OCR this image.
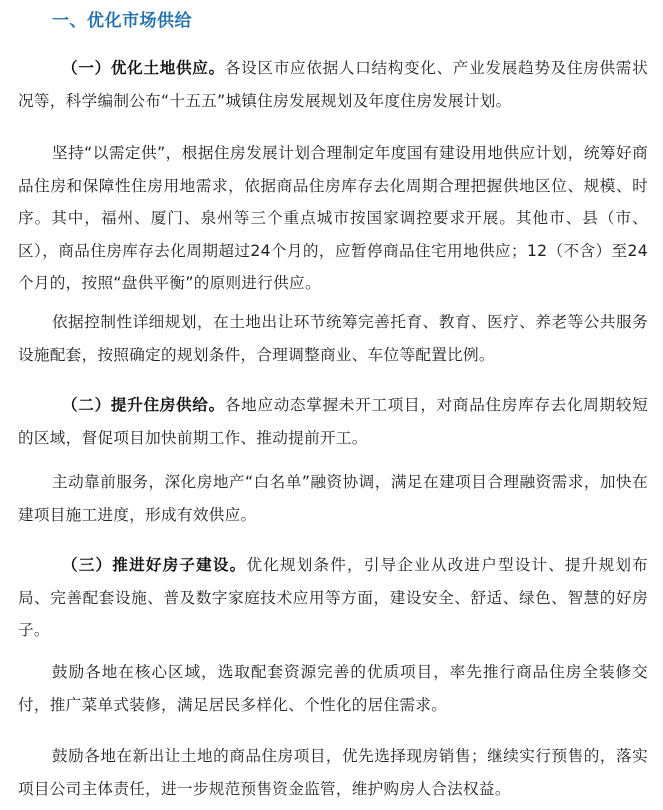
一、优化市场供给

（一）优化土地供应。各设区市应依据人口结构变化、产业发展趋势及住房供需状况等，科学编制公布“十五五”城镇住房发展规划及年度住房发展计划。

坚持“以需定供”，根据住房发展计划合理制定年度国有建设用地供应计划，统筹好商品住房和保障性住房用地需求，依据商品住房库存去化周期合理把握供地区位、规模、时序。其中，福州、厦门、泉州等三个重点城市按国家调控要求开展。其他市、县（市、区），商品住房库存去化周期超过24个月的，应暂停商品住宅用地供应；12（不含）至24个月的，按照“盘供平衡”的原则进行供应。

依据控制性详细规划，在土地出让环节统筹完善托育、教育、医疗、养老等公共服务设施配套，按照确定的规划条件，合理调整商业、车位等配置比例。

（二）提升住房供给。各地应动态掌握未开工项目，对商品住房库存去化周期较短的区域，督促项目加快前期工作、推动提前开工。

主动靠前服务，深化房地产“白名单”融资协调，满足在建项目合理融资需求，加快在建项目施工进度，形成有效供应。

（三）推进好房子建设。优化规划条件，引导企业从改进户型设计、提升规划布局、完善配套设施、普及数字家庭技术应用等方面，建设安全、舒适、绿色、智慧的好房子。

鼓励各地在核心区域，选取配套资源完善的优质项目，率先推行商品住房全装修交付，推广菜单式装修，满足居民多样化、个性化的居住需求。

鼓励各地在新出让土地的商品住房项目，优先选择现房销售；继续实行预售的，落实项目公司主体责任，进一步规范预售资金监管，维护购房人合法权益。
